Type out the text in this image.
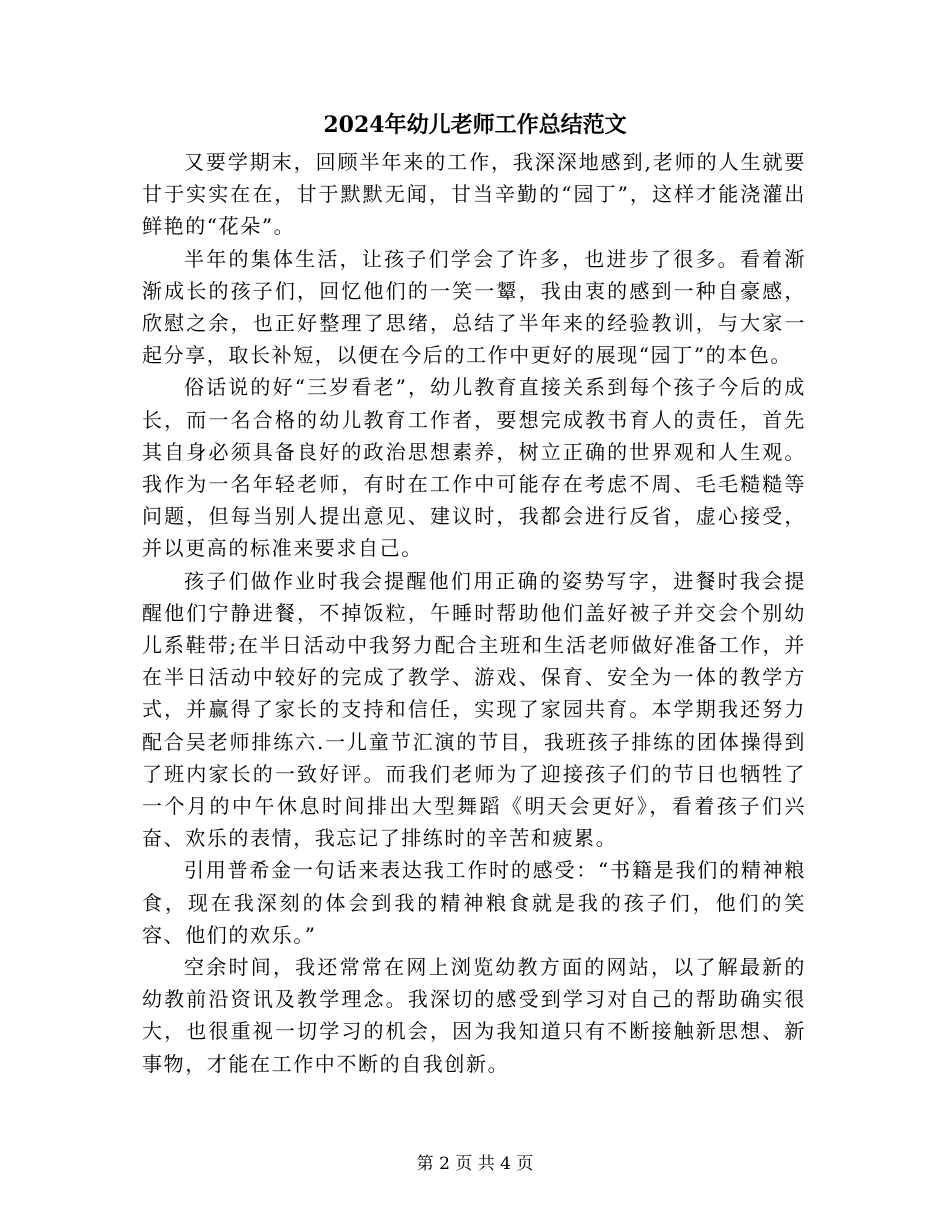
2024年幼儿老师工作总结范文

又要学期末，回顾半年来的工作，我深深地感到,老师的人生就要甘于实实在在，甘于默默无闻，甘当辛勤的“园丁”，这样才能浇灌出鲜艳的“花朵”。

半年的集体生活，让孩子们学会了许多，也进步了很多。看着渐渐成长的孩子们，回忆他们的一笑一颦，我由衷的感到一种自豪感，欣慰之余，也正好整理了思绪，总结了半年来的经验教训，与大家一起分享，取长补短，以便在今后的工作中更好的展现“园丁”的本色。

俗话说的好“三岁看老”，幼儿教育直接关系到每个孩子今后的成长，而一名合格的幼儿教育工作者，要想完成教书育人的责任，首先其自身必须具备良好的政治思想素养，树立正确的世界观和人生观。我作为一名年轻老师，有时在工作中可能存在考虑不周、毛毛糙糙等问题，但每当别人提出意见、建议时，我都会进行反省，虚心接受，并以更高的标准来要求自己。

孩子们做作业时我会提醒他们用正确的姿势写字，进餐时我会提醒他们宁静进餐，不掉饭粒，午睡时帮助他们盖好被子并交会个别幼儿系鞋带;在半日活动中我努力配合主班和生活老师做好准备工作，并在半日活动中较好的完成了教学、游戏、保育、安全为一体的教学方式，并赢得了家长的支持和信任，实现了家园共育。本学期我还努力配合吴老师排练六.一儿童节汇演的节目，我班孩子排练的团体操得到了班内家长的一致好评。而我们老师为了迎接孩子们的节日也牺牲了一个月的中午休息时间排出大型舞蹈《明天会更好》，看着孩子们兴奋、欢乐的表情，我忘记了排练时的辛苦和疲累。

引用普希金一句话来表达我工作时的感受：“书籍是我们的精神粮食，现在我深刻的体会到我的精神粮食就是我的孩子们，他们的笑容、他们的欢乐。”

空余时间，我还常常在网上浏览幼教方面的网站，以了解最新的幼教前沿资讯及教学理念。我深切的感受到学习对自己的帮助确实很大，也很重视一切学习的机会，因为我知道只有不断接触新思想、新事物，才能在工作中不断的自我创新。

第 2 页 共 4 页
